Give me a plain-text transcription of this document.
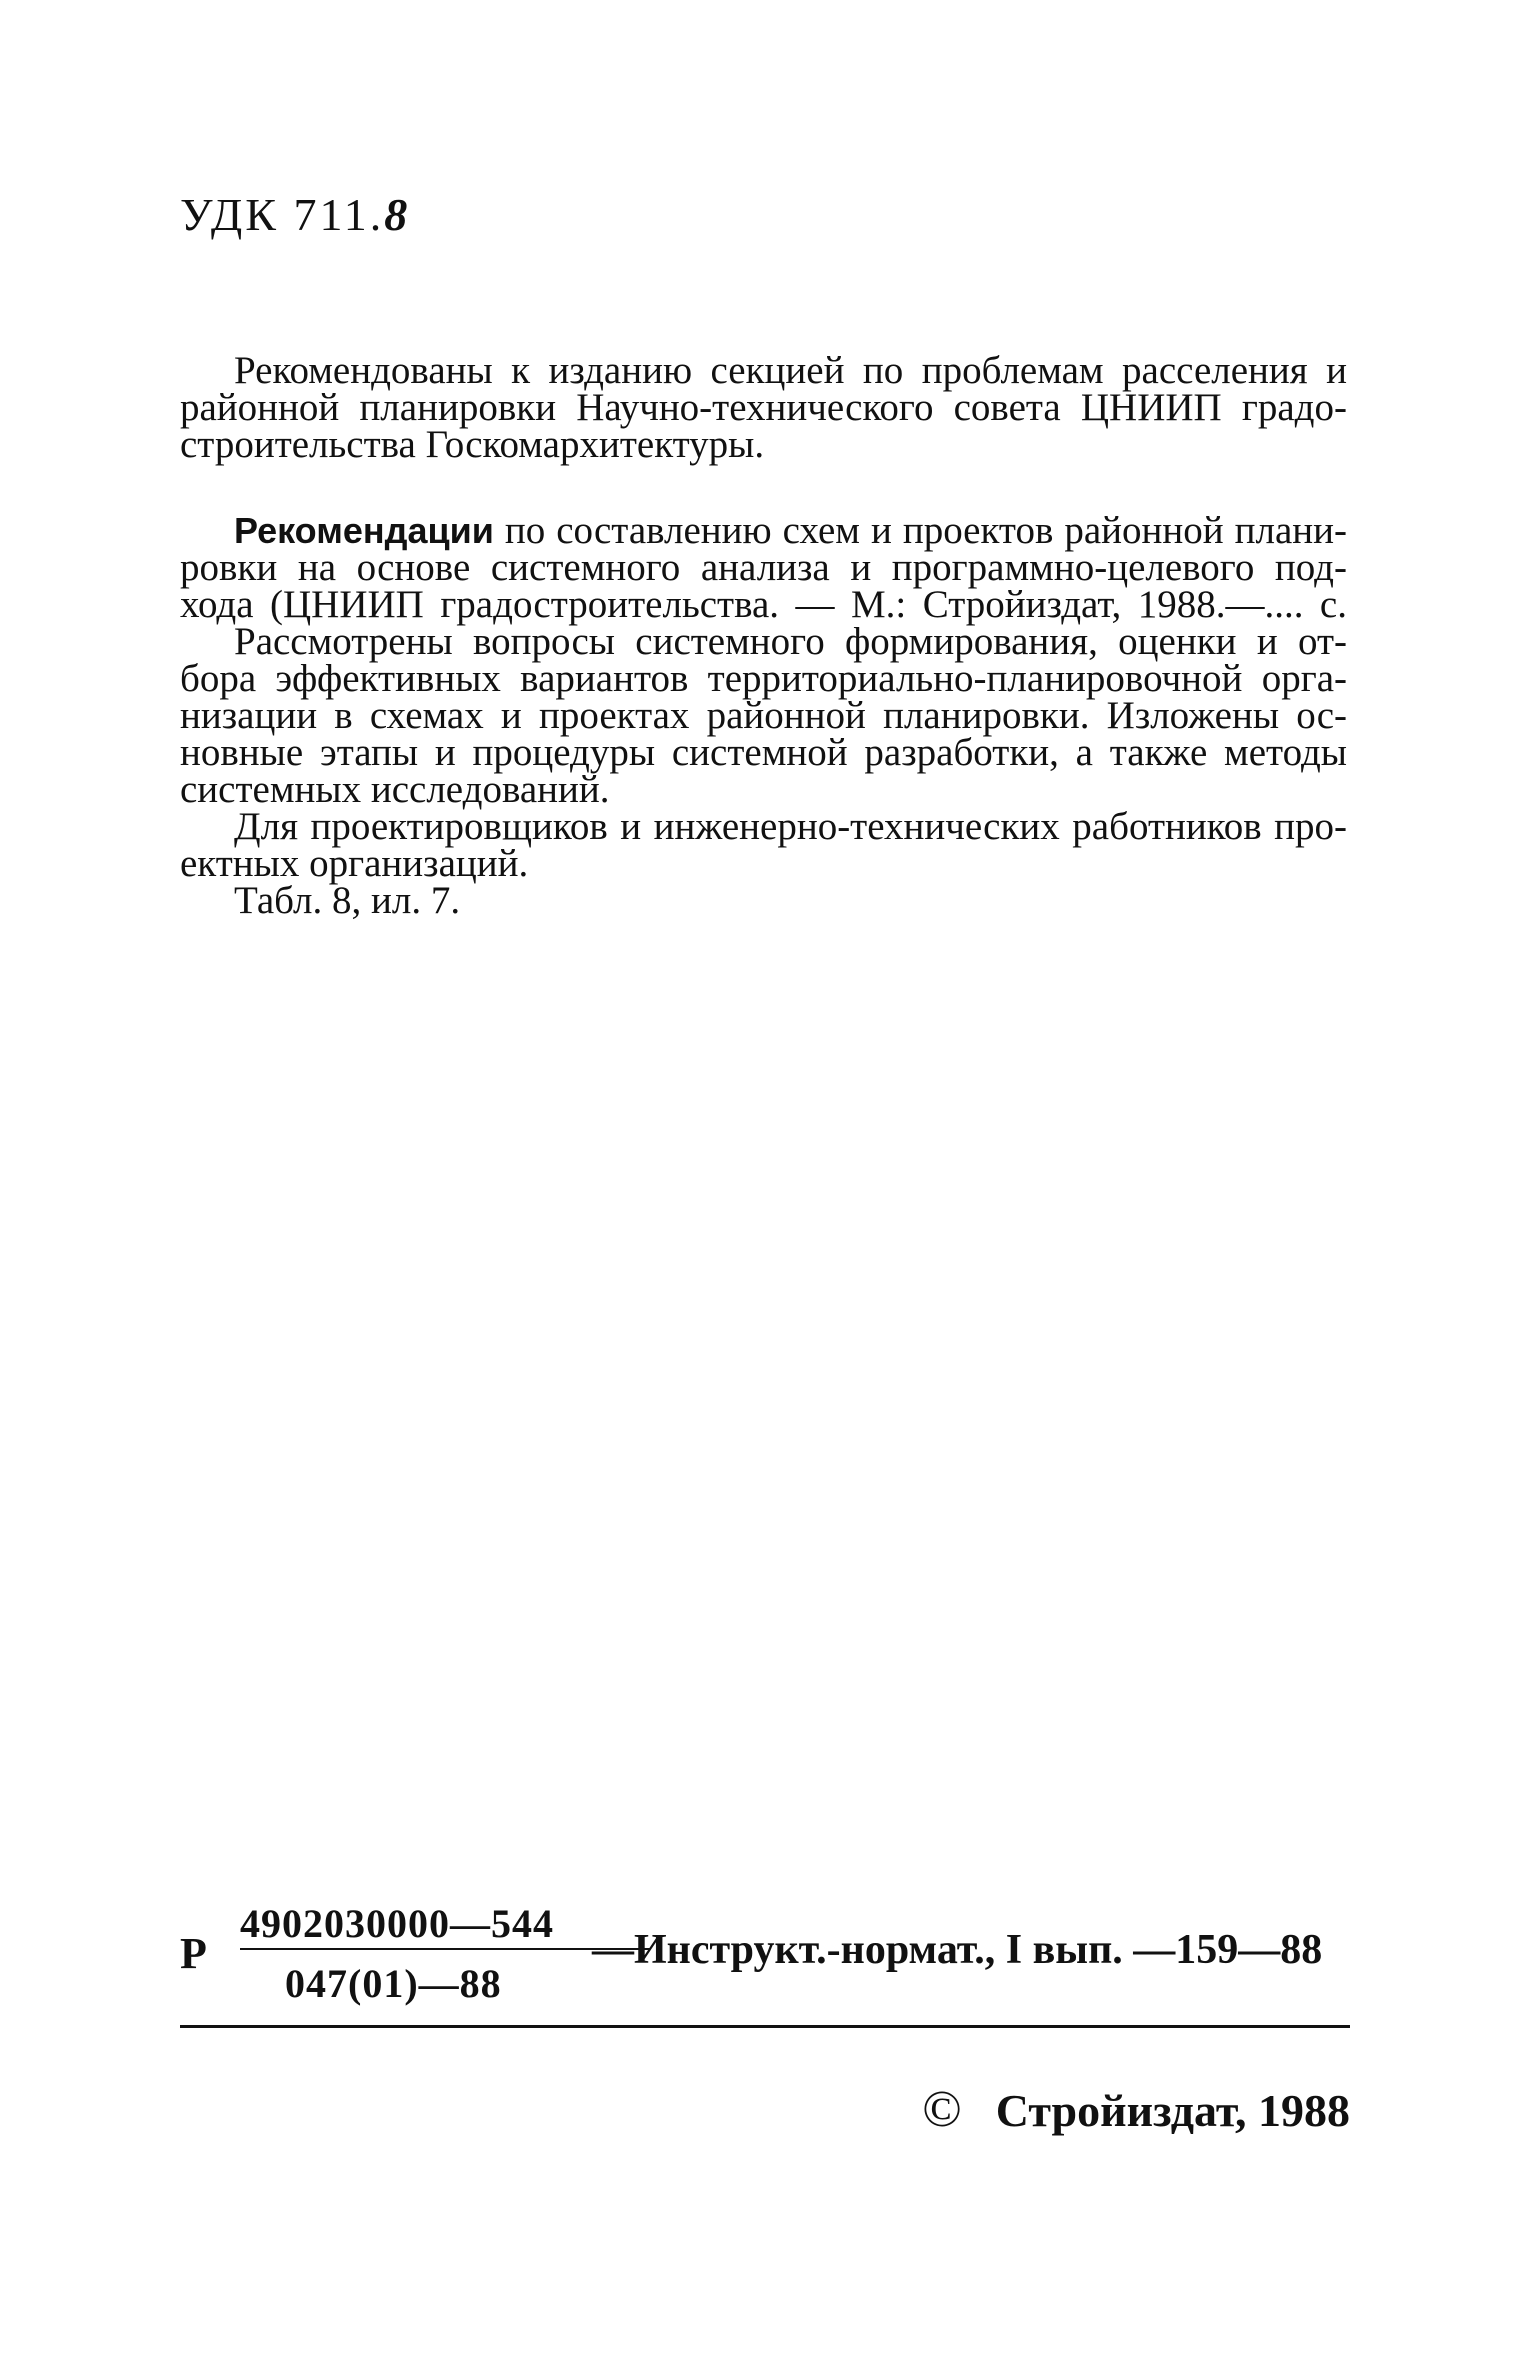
УДК 711.8
Рекомендованы к изданию секцией по проблемам расселения и
районной планировки Научно-технического совета ЦНИИП градо-
строительства Госкомархитектуры.
Рекомендации по составлению схем и проектов районной плани-
ровки на основе системного анализа и программно-целевого под-
хода (ЦНИИП градостроительства. — М.: Стройиздат, 1988.—.... с.
Рассмотрены вопросы системного формирования, оценки и от-
бора эффективных вариантов территориально-планировочной орга-
низации в схемах и проектах районной планировки. Изложены ос-
новные этапы и процедуры системной разработки, а также методы
системных исследований.
Для проектировщиков и инженерно-технических работников про-
ектных организаций.
Табл. 8, ил. 7.
Р
4902030000—544
047(01)—88
—Инструкт.-нормат., I вып. —159—88
© Стройиздат, 1988
